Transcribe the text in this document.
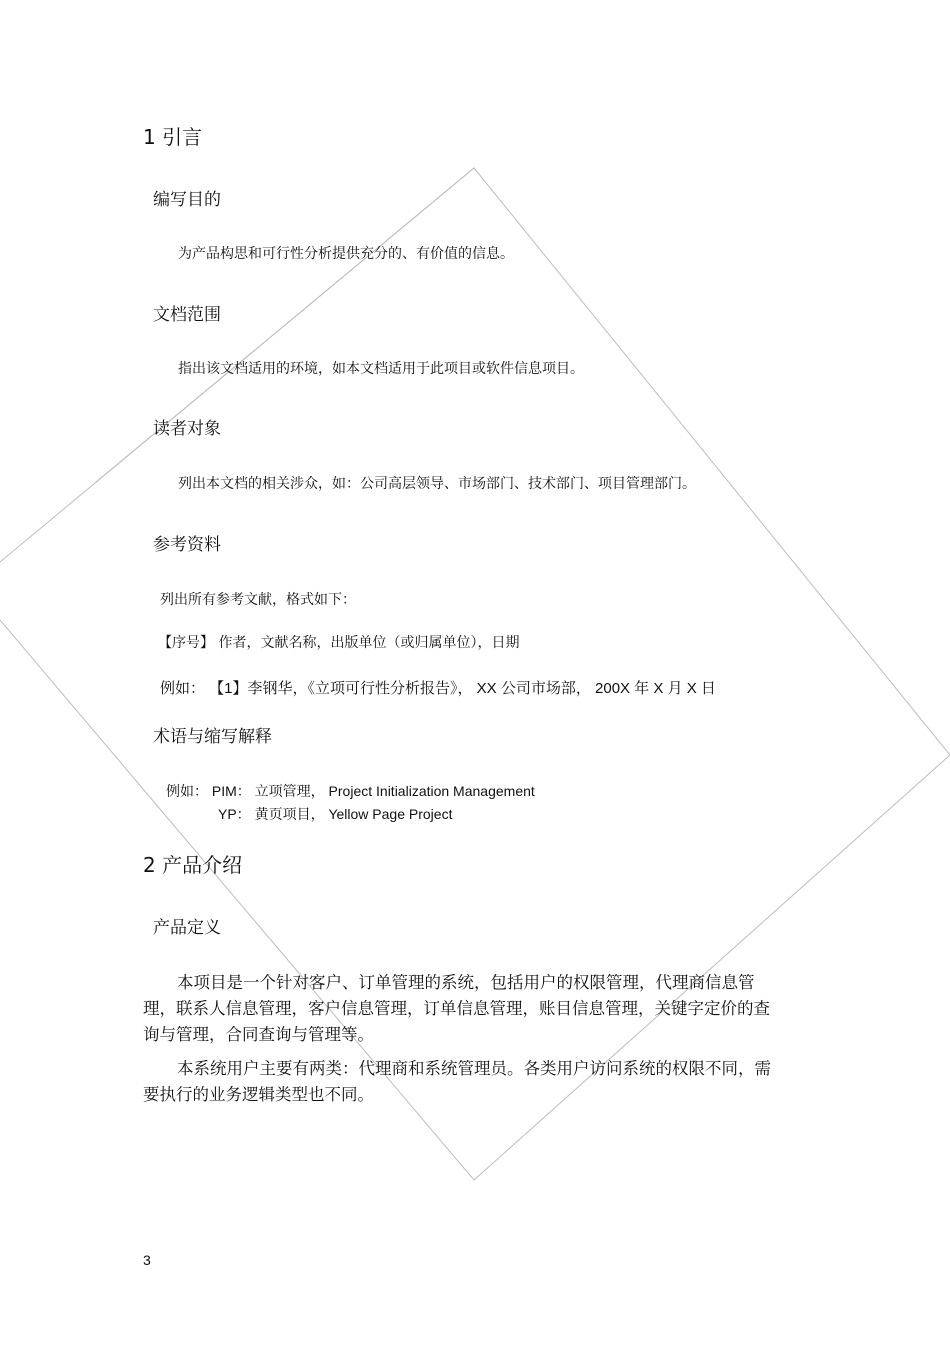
1 引言
编写目的
为产品构思和可行性分析提供充分的、有价值的信息。
文档范围
指出该文档适用的环境，如本文档适用于此项目或软件信息项目。
读者对象
列出本文档的相关涉众，如：公司高层领导、市场部门、技术部门、项目管理部门。
参考资料
列出所有参考文献，格式如下：
【序号】 作者，文献名称，出版单位（或归属单位），日期
例如： 【1】李钢华，《立项可行性分析报告》， XX 公司市场部， 200X 年 X 月 X 日
术语与缩写解释
例如： PIM： 立项管理， Project Initialization Management
YP： 黄页项目， Yellow Page Project
2 产品介绍
产品定义
本项目是一个针对客户、订单管理的系统，包括用户的权限管理，代理商信息管理，联系人信息管理，客户信息管理，订单信息管理，账目信息管理，关键字定价的查询与管理，合同查询与管理等。
本系统用户主要有两类：代理商和系统管理员。各类用户访问系统的权限不同，需要执行的业务逻辑类型也不同。
3
